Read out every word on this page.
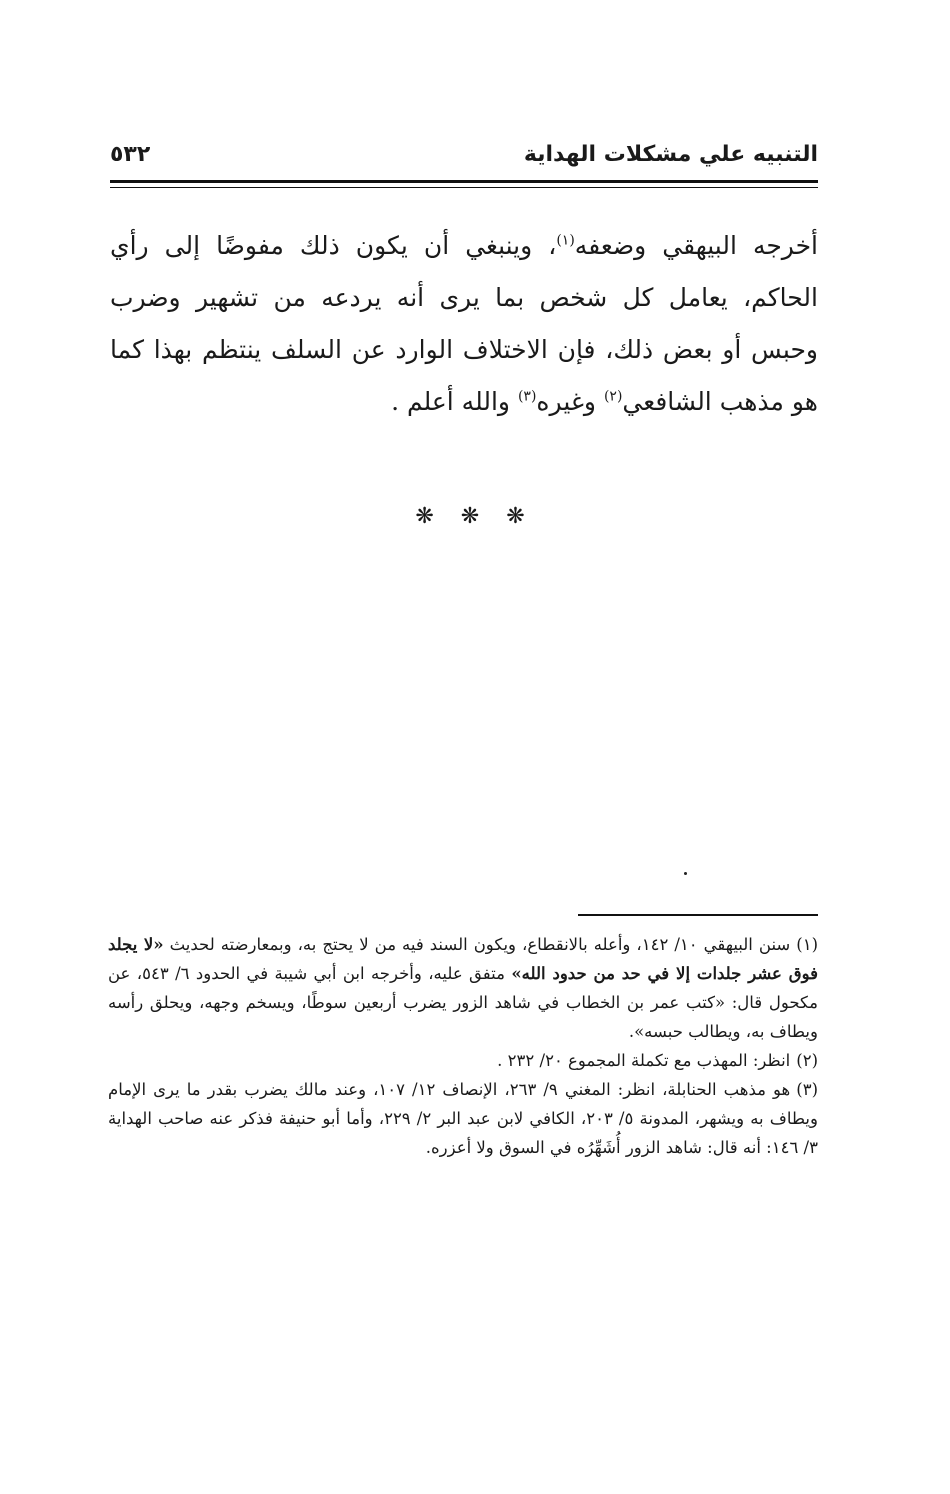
التنبيه علي مشكلات الهداية
٥٣٢

أخرجه البيهقي وضعفه$^{(١)}$، وينبغي أن يكون ذلك مفوضًا إلى رأي الحاكم، يعامل كل شخص بما يرى أنه يردعه من تشهير وضرب وحبس أو بعض ذلك، فإن الاختلاف الوارد عن السلف ينتظم بهذا كما هو مذهب الشافعي$^{(٢)}$ وغيره$^{(٣)}$ والله أعلم .

❋ ❋ ❋

(١)سنن البيهقي ١٠/ ١٤٢، وأعله بالانقطاع، ويكون السند فيه من لا يحتج به، وبمعارضته لحديث «لا يجلد فوق عشر جلدات إلا في حد من حدود الله» متفق عليه، وأخرجه ابن أبي شيبة في الحدود ٦/ ٥٤٣، عن مكحول قال: «كتب عمر بن الخطاب في شاهد الزور يضرب أربعين سوطًا، ويسخم وجهه، ويحلق رأسه ويطاف به، ويطالب حبسه».

(٢)انظر: المهذب مع تكملة المجموع ٢٠/ ٢٣٢ .

(٣)هو مذهب الحنابلة، انظر: المغني ٩/ ٢٦٣، الإنصاف ١٢/ ١٠٧، وعند مالك يضرب بقدر ما يرى الإمام ويطاف به ويشهر، المدونة ٥/ ٢٠٣، الكافي لابن عبد البر ٢/ ٢٢٩، وأما أبو حنيفة فذكر عنه صاحب الهداية ٣/ ١٤٦: أنه قال: شاهد الزور أُشَهِّرُه في السوق ولا أعزره.
